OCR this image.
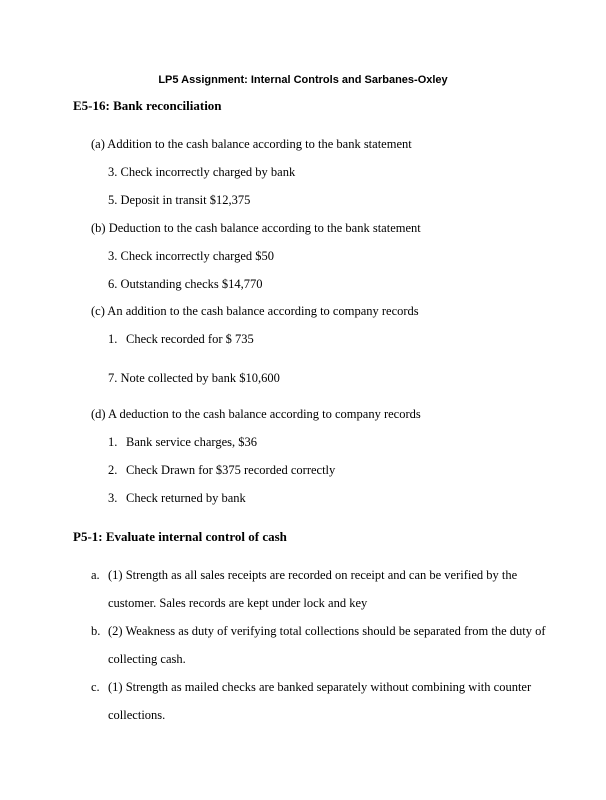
LP5 Assignment: Internal Controls and Sarbanes-Oxley
E5-16: Bank reconciliation
(a) Addition to the cash balance according to the bank statement
3. Check incorrectly charged by bank
5. Deposit in transit $12,375
(b) Deduction to the cash balance according to the bank statement
3. Check incorrectly charged $50
6. Outstanding checks $14,770
(c) An addition to the cash balance according to company records
1. Check recorded for $ 735
7. Note collected by bank $10,600
(d) A deduction to the cash balance according to company records
1. Bank service charges, $36
2. Check Drawn for $375 recorded correctly
3. Check returned by bank
P5-1: Evaluate internal control of cash
a. (1) Strength as all sales receipts are recorded on receipt and can be verified by the
customer. Sales records are kept under lock and key
b. (2) Weakness as duty of verifying total collections should be separated from the duty of
collecting cash.
c. (1) Strength as mailed checks are banked separately without combining with counter
collections.
